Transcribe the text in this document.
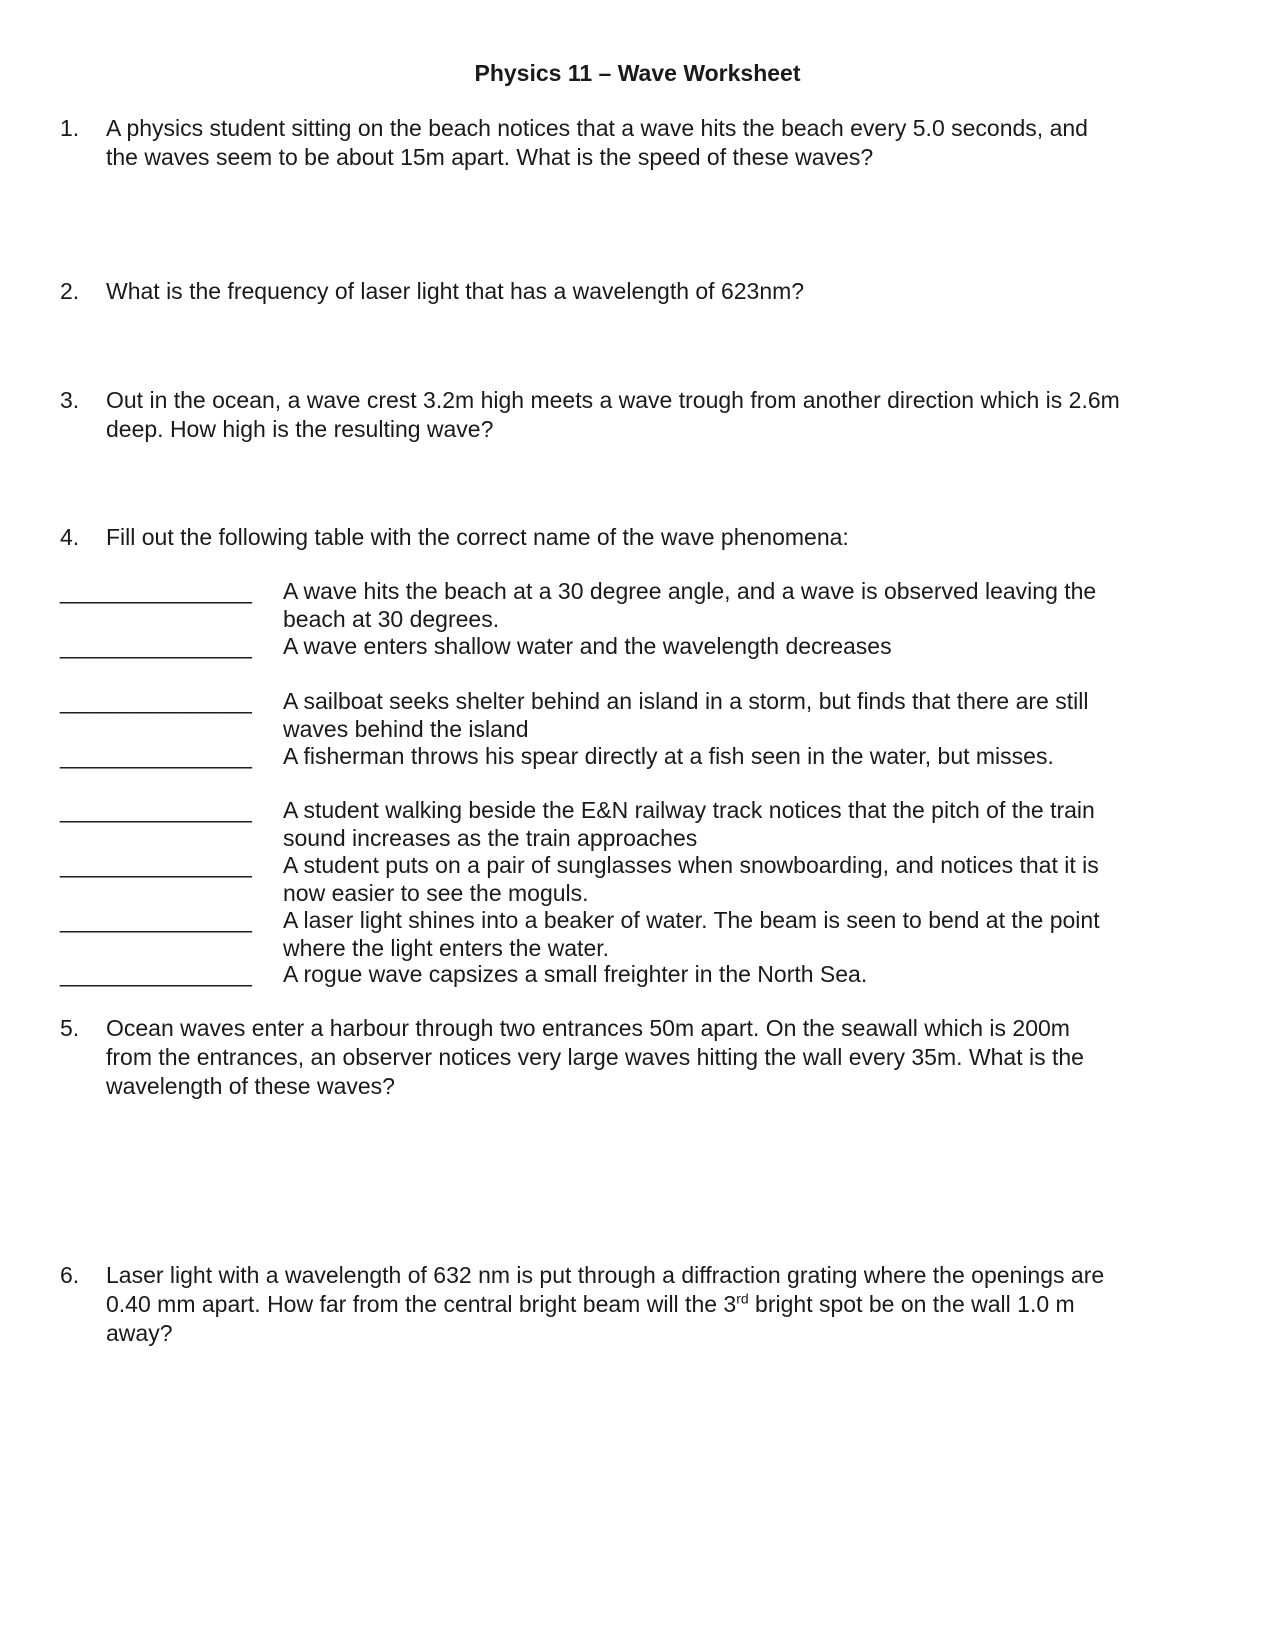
Physics 11 – Wave Worksheet
1.	A physics student sitting on the beach notices that a wave hits the beach every 5.0 seconds, and
the waves seem to be about 15m apart. What is the speed of these waves?
2.	What is the frequency of laser light that has a wavelength of 623nm?
3.	Out in the ocean, a wave crest 3.2m high meets a wave trough from another direction which is 2.6m
deep. How high is the resulting wave?
4.	Fill out the following table with the correct name of the wave phenomena:
_______________ A wave hits the beach at a 30 degree angle, and a wave is observed leaving the
beach at 30 degrees.
_______________ A wave enters shallow water and the wavelength decreases
_______________ A sailboat seeks shelter behind an island in a storm, but finds that there are still
waves behind the island
_______________ A fisherman throws his spear directly at a fish seen in the water, but misses.
_______________ A student walking beside the E&N railway track notices that the pitch of the train
sound increases as the train approaches
_______________ A student puts on a pair of sunglasses when snowboarding, and notices that it is
now easier to see the moguls.
_______________ A laser light shines into a beaker of water. The beam is seen to bend at the point
where the light enters the water.
_______________ A rogue wave capsizes a small freighter in the North Sea.
5.	Ocean waves enter a harbour through two entrances 50m apart. On the seawall which is 200m
from the entrances, an observer notices very large waves hitting the wall every 35m. What is the
wavelength of these waves?
6.	Laser light with a wavelength of 632 nm is put through a diffraction grating where the openings are
0.40 mm apart. How far from the central bright beam will the 3rd bright spot be on the wall 1.0 m
away?
